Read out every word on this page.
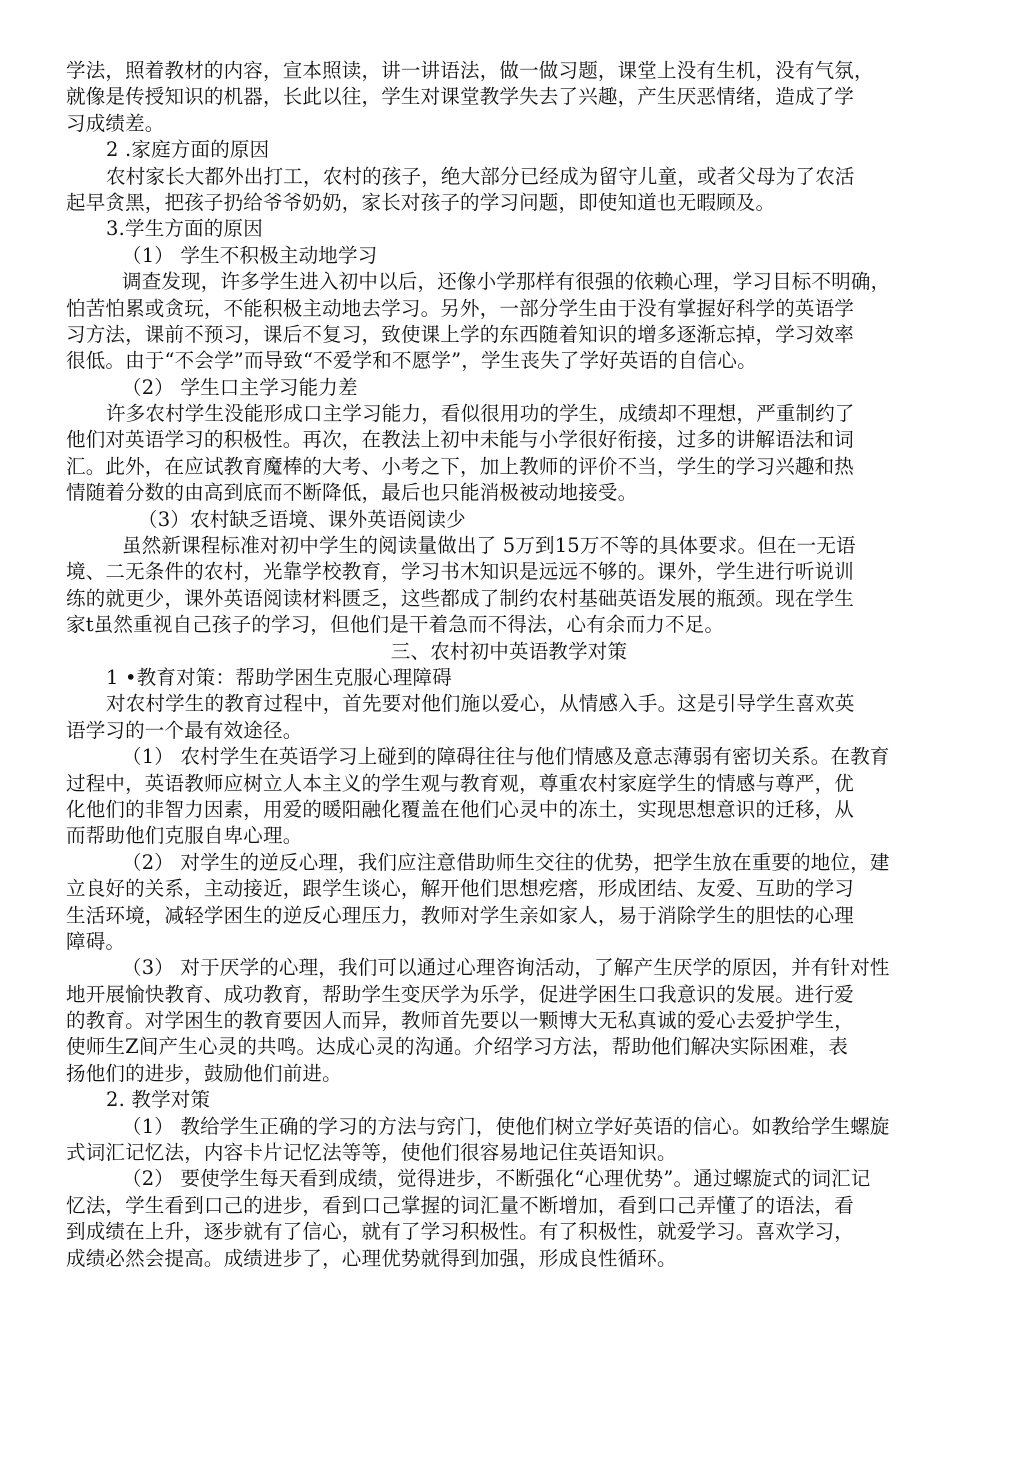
学法，照着教材的内容，宣本照读，讲一讲语法，做一做习题，课堂上没有生机，没有气氛，
就像是传授知识的机器，长此以往，学生对课堂教学失去了兴趣，产生厌恶情绪，造成了学
习成绩差。
2 .家庭方面的原因
农村家长大都外出打工，农村的孩子，绝大部分已经成为留守儿童，或者父母为了农活
起早贪黑，把孩子扔给爷爷奶奶，家长对孩子的学习问题，即使知道也无暇顾及。
3.学生方面的原因
（1） 学生不积极主动地学习
调查发现，许多学生进入初中以后，还像小学那样有很强的依赖心理，学习目标不明确，
怕苦怕累或贪玩，不能积极主动地去学习。另外，一部分学生由于没有掌握好科学的英语学
习方法，课前不预习，课后不复习，致使课上学的东西随着知识的增多逐渐忘掉，学习效率
很低。由于“不会学”而导致“不爱学和不愿学”，学生丧失了学好英语的自信心。
（2） 学生口主学习能力差
许多农村学生没能形成口主学习能力，看似很用功的学生，成绩却不理想，严重制约了
他们对英语学习的积极性。再次，在教法上初中未能与小学很好衔接，过多的讲解语法和词
汇。此外，在应试教育魔棒的大考、小考之下，加上教师的评价不当，学生的学习兴趣和热
情随着分数的由高到底而不断降低，最后也只能消极被动地接受。
（3）农村缺乏语境、课外英语阅读少
虽然新课程标准对初中学生的阅读量做出了 5万到15万不等的具体要求。但在一无语
境、二无条件的农村，光靠学校教育，学习书木知识是远远不够的。课外，学生进行听说训
练的就更少，课外英语阅读材料匮乏，这些都成了制约农村基础英语发展的瓶颈。现在学生
家t虽然重视自己孩子的学习，但他们是干着急而不得法，心有余而力不足。
三、农村初中英语教学对策
1 •教育对策：帮助学困生克服心理障碍
对农村学生的教育过程中，首先要对他们施以爱心，从情感入手。这是引导学生喜欢英
语学习的一个最有效途径。
（1） 农村学生在英语学习上碰到的障碍往往与他们情感及意志薄弱有密切关系。在教育
过程中，英语教师应树立人本主义的学生观与教育观，尊重农村家庭学生的情感与尊严，优
化他们的非智力因素，用爱的暖阳融化覆盖在他们心灵中的冻土，实现思想意识的迁移，从
而帮助他们克服自卑心理。
（2） 对学生的逆反心理，我们应注意借助师生交往的优势，把学生放在重要的地位，建
立良好的关系，主动接近，跟学生谈心，解开他们思想疙瘩，形成团结、友爱、互助的学习
生活环境，减轻学困生的逆反心理压力，教师对学生亲如家人，易于消除学生的胆怯的心理
障碍。
（3） 对于厌学的心理，我们可以通过心理咨询活动，了解产生厌学的原因，并有针对性
地开展愉快教育、成功教育，帮助学生变厌学为乐学，促进学困生口我意识的发展。进行爱
的教育。对学困生的教育要因人而异，教师首先要以一颗博大无私真诚的爱心去爱护学生，
使师生Z间产生心灵的共鸣。达成心灵的沟通。介绍学习方法，帮助他们解决实际困难，表
扬他们的进步，鼓励他们前进。
2. 教学对策
（1） 教给学生正确的学习的方法与窍门，使他们树立学好英语的信心。如教给学生螺旋
式词汇记忆法，内容卡片记忆法等等，使他们很容易地记住英语知识。
（2） 要使学生每天看到成绩，觉得进步，不断强化“心理优势”。通过螺旋式的词汇记
忆法，学生看到口己的进步，看到口己掌握的词汇量不断增加，看到口己弄懂了的语法，看
到成绩在上升，逐步就有了信心，就有了学习积极性。有了积极性，就爱学习。喜欢学习，
成绩必然会提高。成绩进步了，心理优势就得到加强，形成良性循环。
